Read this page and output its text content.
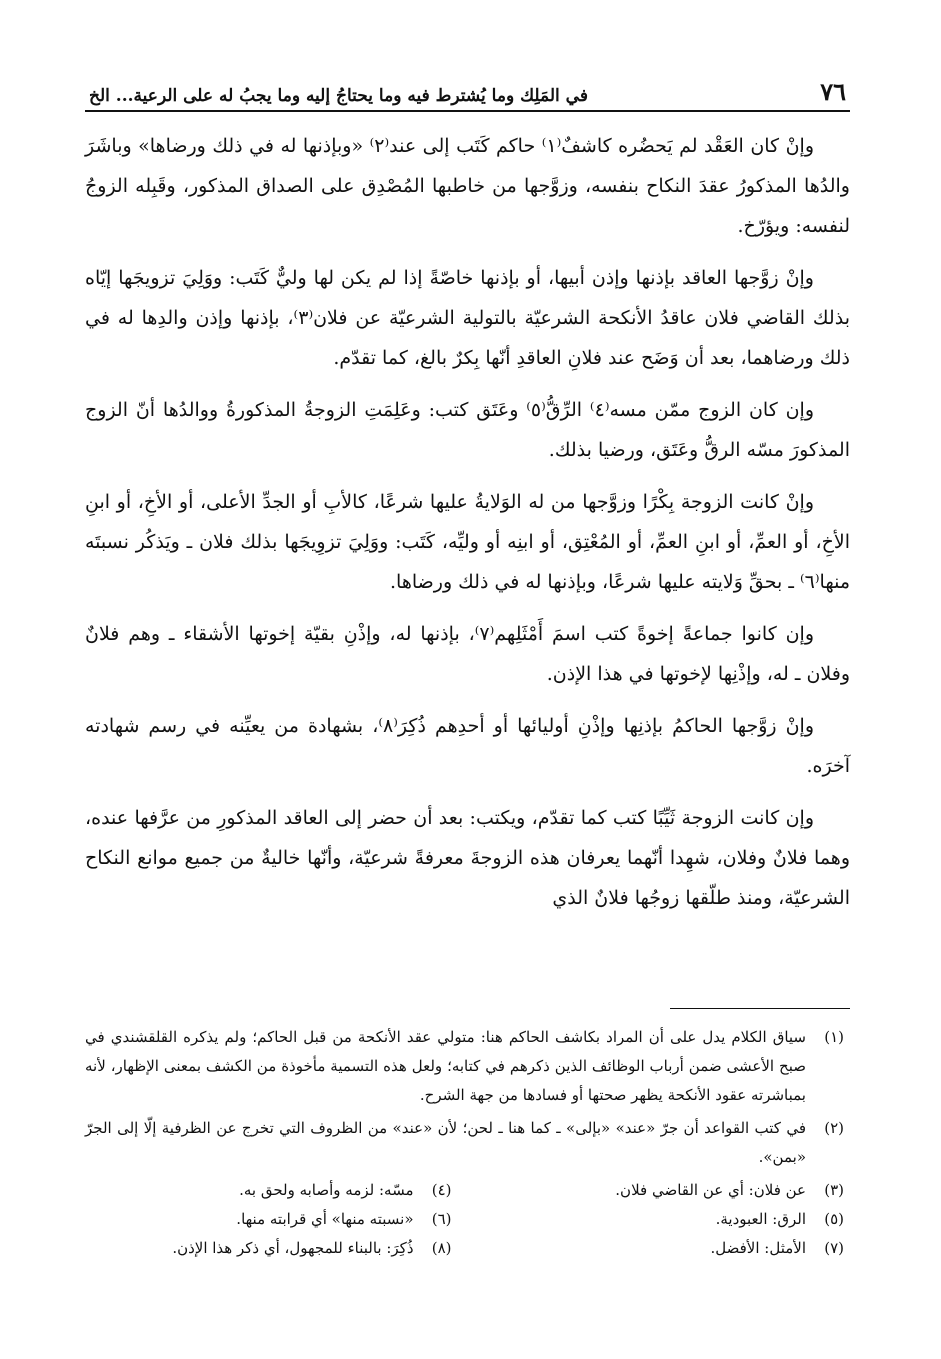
٧٦
في المَلِك وما يُشترط فيه وما يحتاجُ إليه وما يجبُ له على الرعية... الخ

وإنْ كان العَقْد لم يَحضُره كاشفٌ⁽١⁾ حاكم كَتَب إلى عند⁽٢⁾ «وبإذنها له في ذلك ورضاها» وباشَرَ والدُها المذكورُ عقدَ النكاح بنفسه، وزوَّجها من خاطبها المُصْدِق على الصداق المذكور، وقَبِله الزوجُ لنفسه: ويؤرّخ.

وإنْ زوَّجها العاقد بإذنها وإذن أبيها، أو بإذنها خاصّةً إذا لم يكن لها وليٌّ كَتَب: ووَلِيَ تزويجَها إيّاه بذلك القاضي فلان عاقدُ الأنكحة الشرعيّة بالتولية الشرعيّة عن فلان⁽٣⁾، بإذنها وإذن والدِها له في ذلك ورضاهما، بعد أن وَضَح عند فلانِ العاقدِ أنّها بِكرٌ بالغ، كما تقدّم.

وإن كان الزوج ممّن مسه⁽٤⁾ الرِّقُّ⁽٥⁾ وعَتَق كتب: وعَلِمَتِ الزوجةُ المذكورةُ ووالدُها أنّ الزوج المذكورَ مسّه الرقُّ وعَتَق، ورضيا بذلك.

وإنْ كانت الزوجة بِكْرًا وزوَّجها من له الوَلايةُ عليها شرعًا، كالأبِ أو الجدِّ الأعلى، أو الأخِ، أو ابنِ الأخِ، أو العمِّ، أو ابنِ العمِّ، أو المُعْتِق، أو ابنِه أو وليِّه، كَتَب: ووَلِيَ تزوِيجَها بذلك فلان ـ ويَذكُر نسبتَه منها⁽٦⁾ ـ بحقِّ وَلايته عليها شرعًا، وبإذنها له في ذلك ورضاها.

وإن كانوا جماعةً إخوةً كتب اسمَ أَمْثَلِهم⁽٧⁾، بإذنها له، وإذْنِ بقيّة إخوتها الأشقاء ـ وهم فلانٌ وفلان ـ له، وإذْنِها لإخوتها في هذا الإذن.

وإنْ زوَّجها الحاكمُ بإذنِها وإذْنِ أوليائها أو أحدِهم ذُكِرَ⁽٨⁾، بشهادة من يعيِّنه في رسم شهادته آخرَه.

وإن كانت الزوجة ثَيِّبًا كتب كما تقدّم، ويكتب: بعد أن حضر إلى العاقد المذكورِ من عرَّفها عنده، وهما فلانٌ وفلان، شهِدا أنّهما يعرفان هذه الزوجةَ معرفةً شرعيّة، وأنّها خاليةٌ من جميع موانع النكاح الشرعيّة، ومنذ طلّقها زوجُها فلانٌ الذي

(١)
سياق الكلام يدل على أن المراد بكاشف الحاكم هنا: متولي عقد الأنكحة من قبل الحاكم؛ ولم يذكره القلقشندي في صبح الأعشى ضمن أرباب الوظائف الذين ذكرهم في كتابه؛ ولعل هذه التسمية مأخوذة من الكشف بمعنى الإظهار، لأنه بمباشرته عقود الأنكحة يظهر صحتها أو فسادها من جهة الشرح.
(٢)
في كتب القواعد أن جرّ «عند» «بإلى» ـ كما هنا ـ لحن؛ لأن «عند» من الظروف التي تخرج عن الظرفية إلّا إلى الجرّ «بمن».
(٣)
عن فلان: أي عن القاضي فلان.
(٤)
مسّه: لزمه وأصابه ولحق به.
(٥)
الرق: العبودية.
(٦)
«نسبته منها» أي قرابته منها.
(٧)
الأمثل: الأفضل.
(٨)
ذُكِرَ: بالبناء للمجهول، أي ذكر هذا الإذن.
